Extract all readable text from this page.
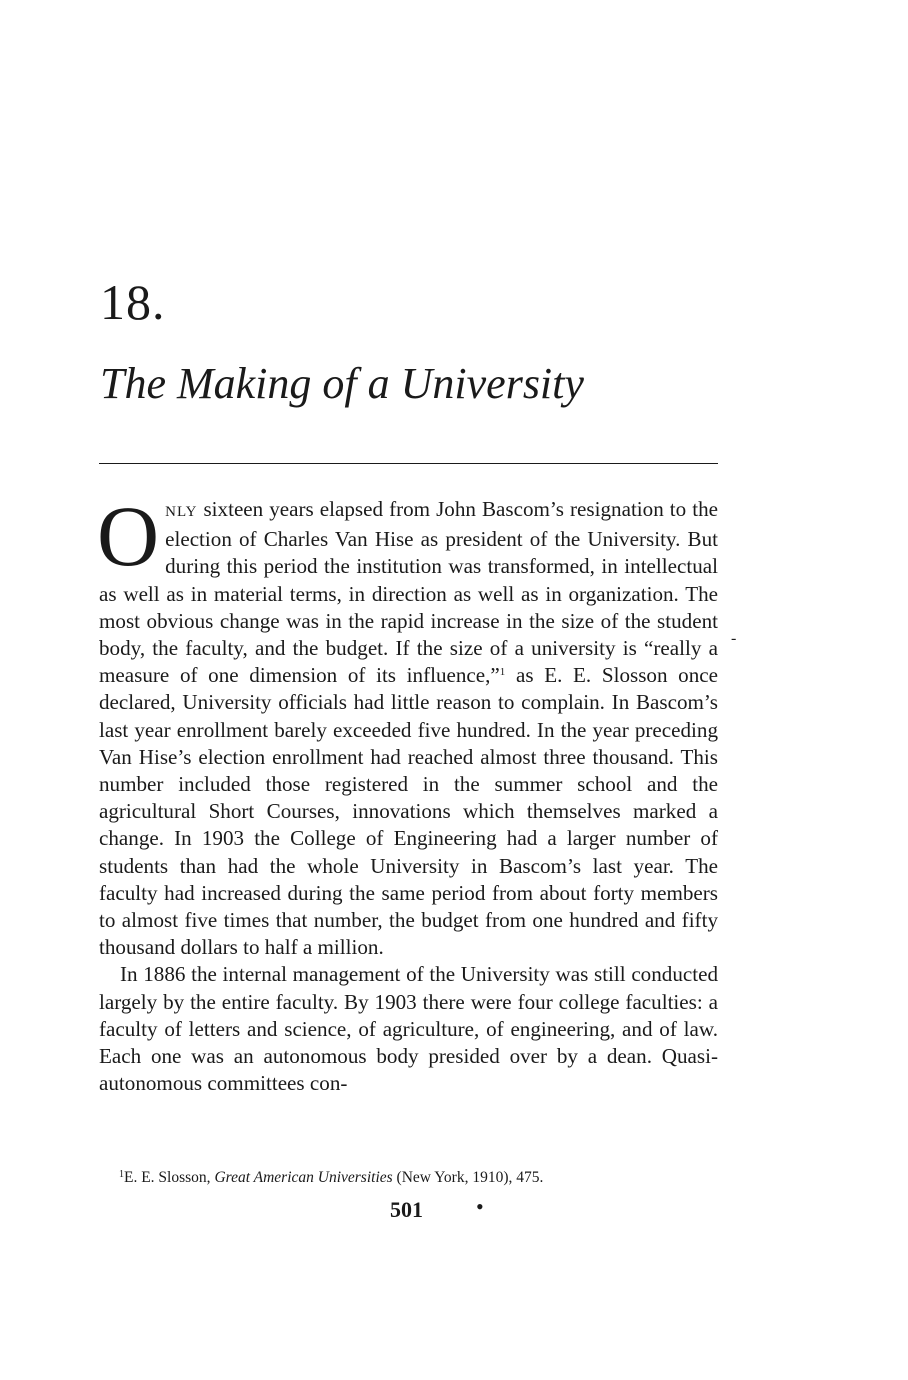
18.
The Making of a University

ONLY sixteen years elapsed from John Bascom’s resignation to the election of Charles Van Hise as president of the University. But during this period the institution was transformed, in intellectual as well as in material terms, in direction as well as in organization. The most obvious change was in the rapid increase in the size of the student body, the faculty, and the budget. If the size of a university is “really a measure of one dimension of its influence,”$^1$ as E. E. Slosson once declared, University officials had little reason to complain. In Bascom’s last year enrollment barely exceeded five hundred. In the year preceding Van Hise’s election enrollment had reached almost three thousand. This number included those registered in the summer school and the agricultural Short Courses, innovations which themselves marked a change. In 1903 the College of Engineering had a larger number of students than had the whole University in Bascom’s last year. The faculty had increased during the same period from about forty members to almost five times that number, the budget from one hundred and fifty thousand dollars to half a million.

In 1886 the internal management of the University was still conducted largely by the entire faculty. By 1903 there were four college faculties: a faculty of letters and science, of agriculture, of engineering, and of law. Each one was an autonomous body presided over by a dean. Quasi-autonomous committees con-

-
$^1$E. E. Slosson, Great American Universities (New York, 1910), 475.
501 •
